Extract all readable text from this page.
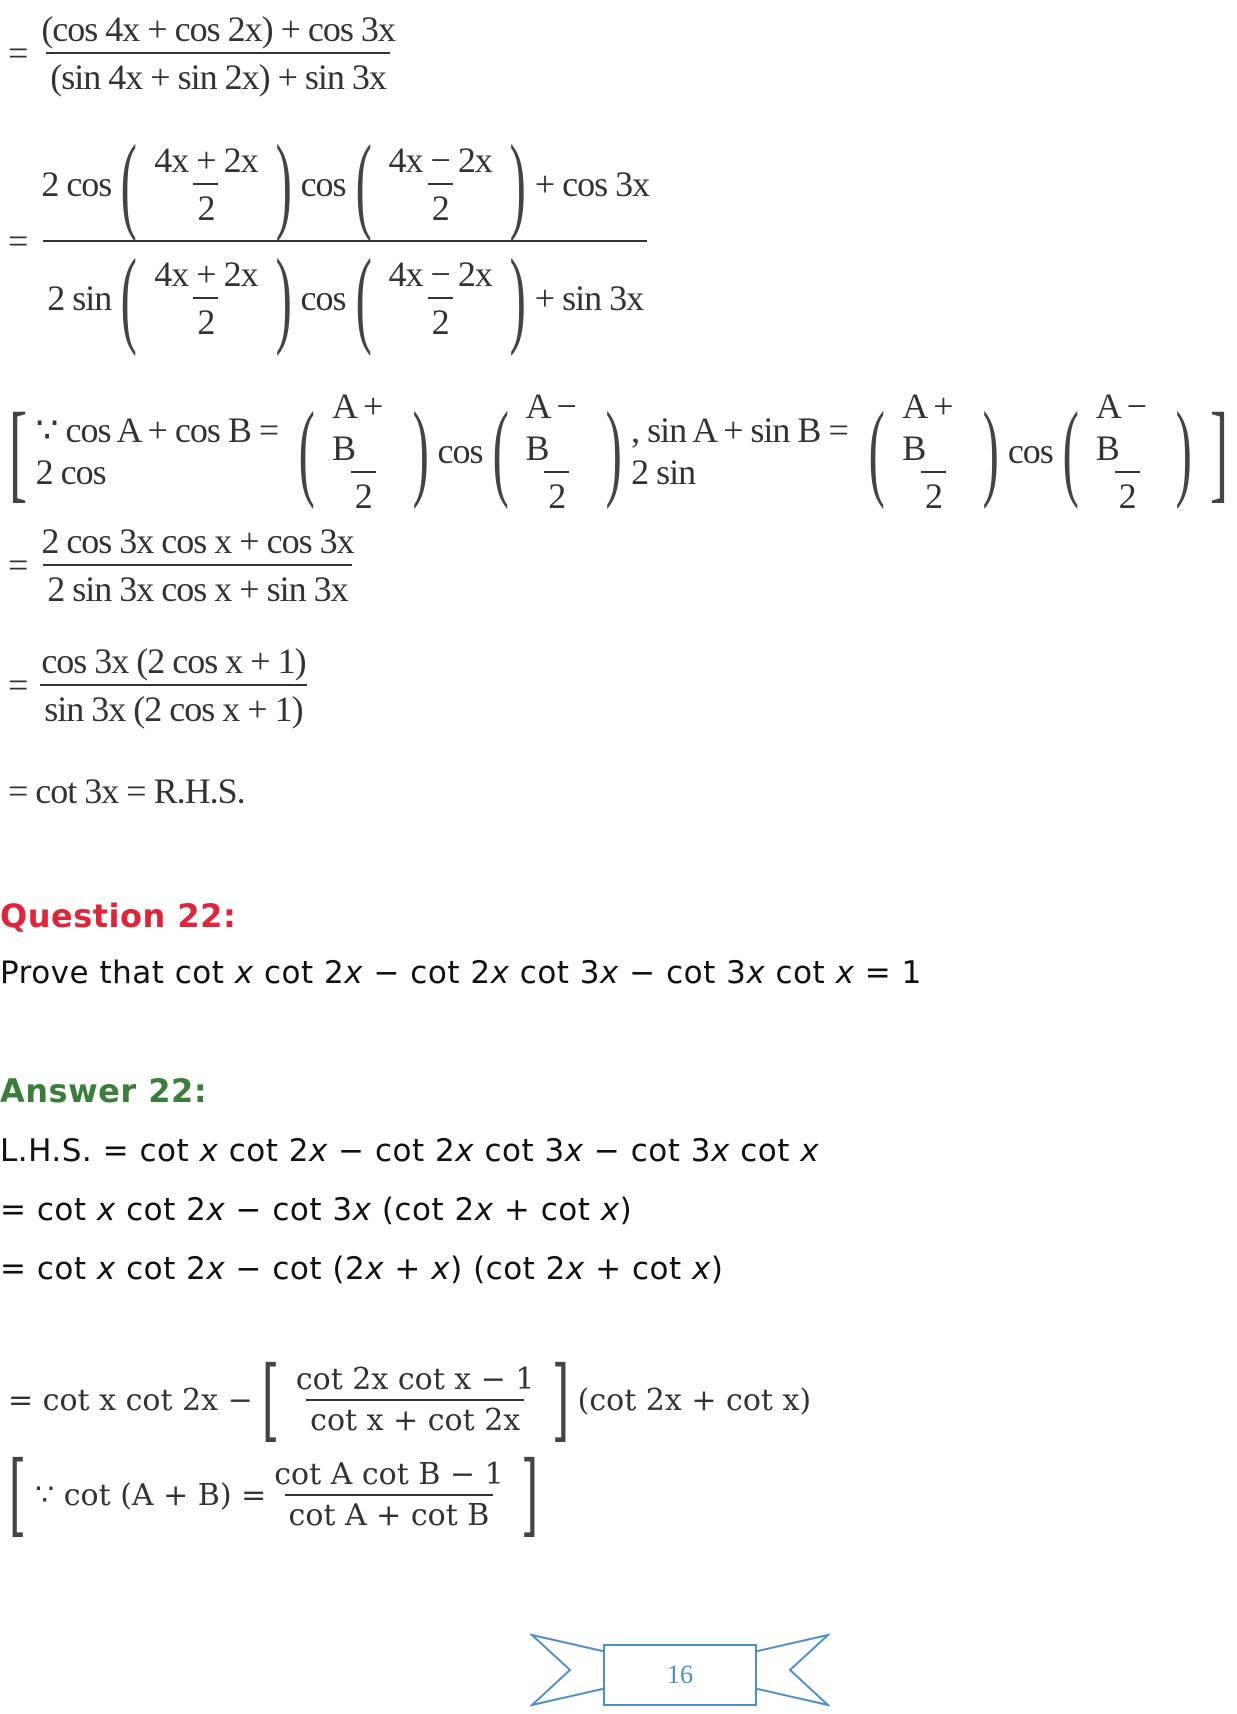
= $\frac{(\cos 4x + \cos 2x) + \cos 3x}{(\sin 4x + \sin 2x) + \sin 3x}$
=
2 cos ( $\frac{4x + 2x}{2}$ ) cos ( $\frac{4x - 2x}{2}$ ) + cos 3x
2 sin ( $\frac{4x + 2x}{2}$ ) cos ( $\frac{4x - 2x}{2}$ ) + sin 3x
[ ∵ cos A + cos B = 2 cos	( $\frac{A + B}{2}$ ) cos ( $\frac{A - B}{2}$ ) , sin A + sin B = 2 sin	( $\frac{A + B}{2}$ ) cos ( $\frac{A - B}{2}$ ) ]
= $\frac{\text{2 cos 3x cos x + cos 3x}}{\text{2 sin 3x cos x + sin 3x}}$
= $\frac{\text{cos 3x (2 cos x + 1)}}{\text{sin 3x (2 cos x + 1)}}$
= cot 3x = R.H.S.
Question 22:
Prove that cot x cot 2x − cot 2x cot 3x − cot 3x cot x = 1
Answer 22:
L.H.S. = cot x cot 2x − cot 2x cot 3x − cot 3x cot x
= cot x cot 2x − cot 3x (cot 2x + cot x)
= cot x cot 2x − cot (2x + x) (cot 2x + cot x)
= cot x cot 2x − [ $\frac{\text{cot 2x cot x − 1}}{\text{cot x + cot 2x}}$ ] (cot 2x + cot x)
[ ∵ $\cot (A + B) = \frac{\text{cot A cot B − 1}}{\text{cot A + cot B}}$ ]
16
